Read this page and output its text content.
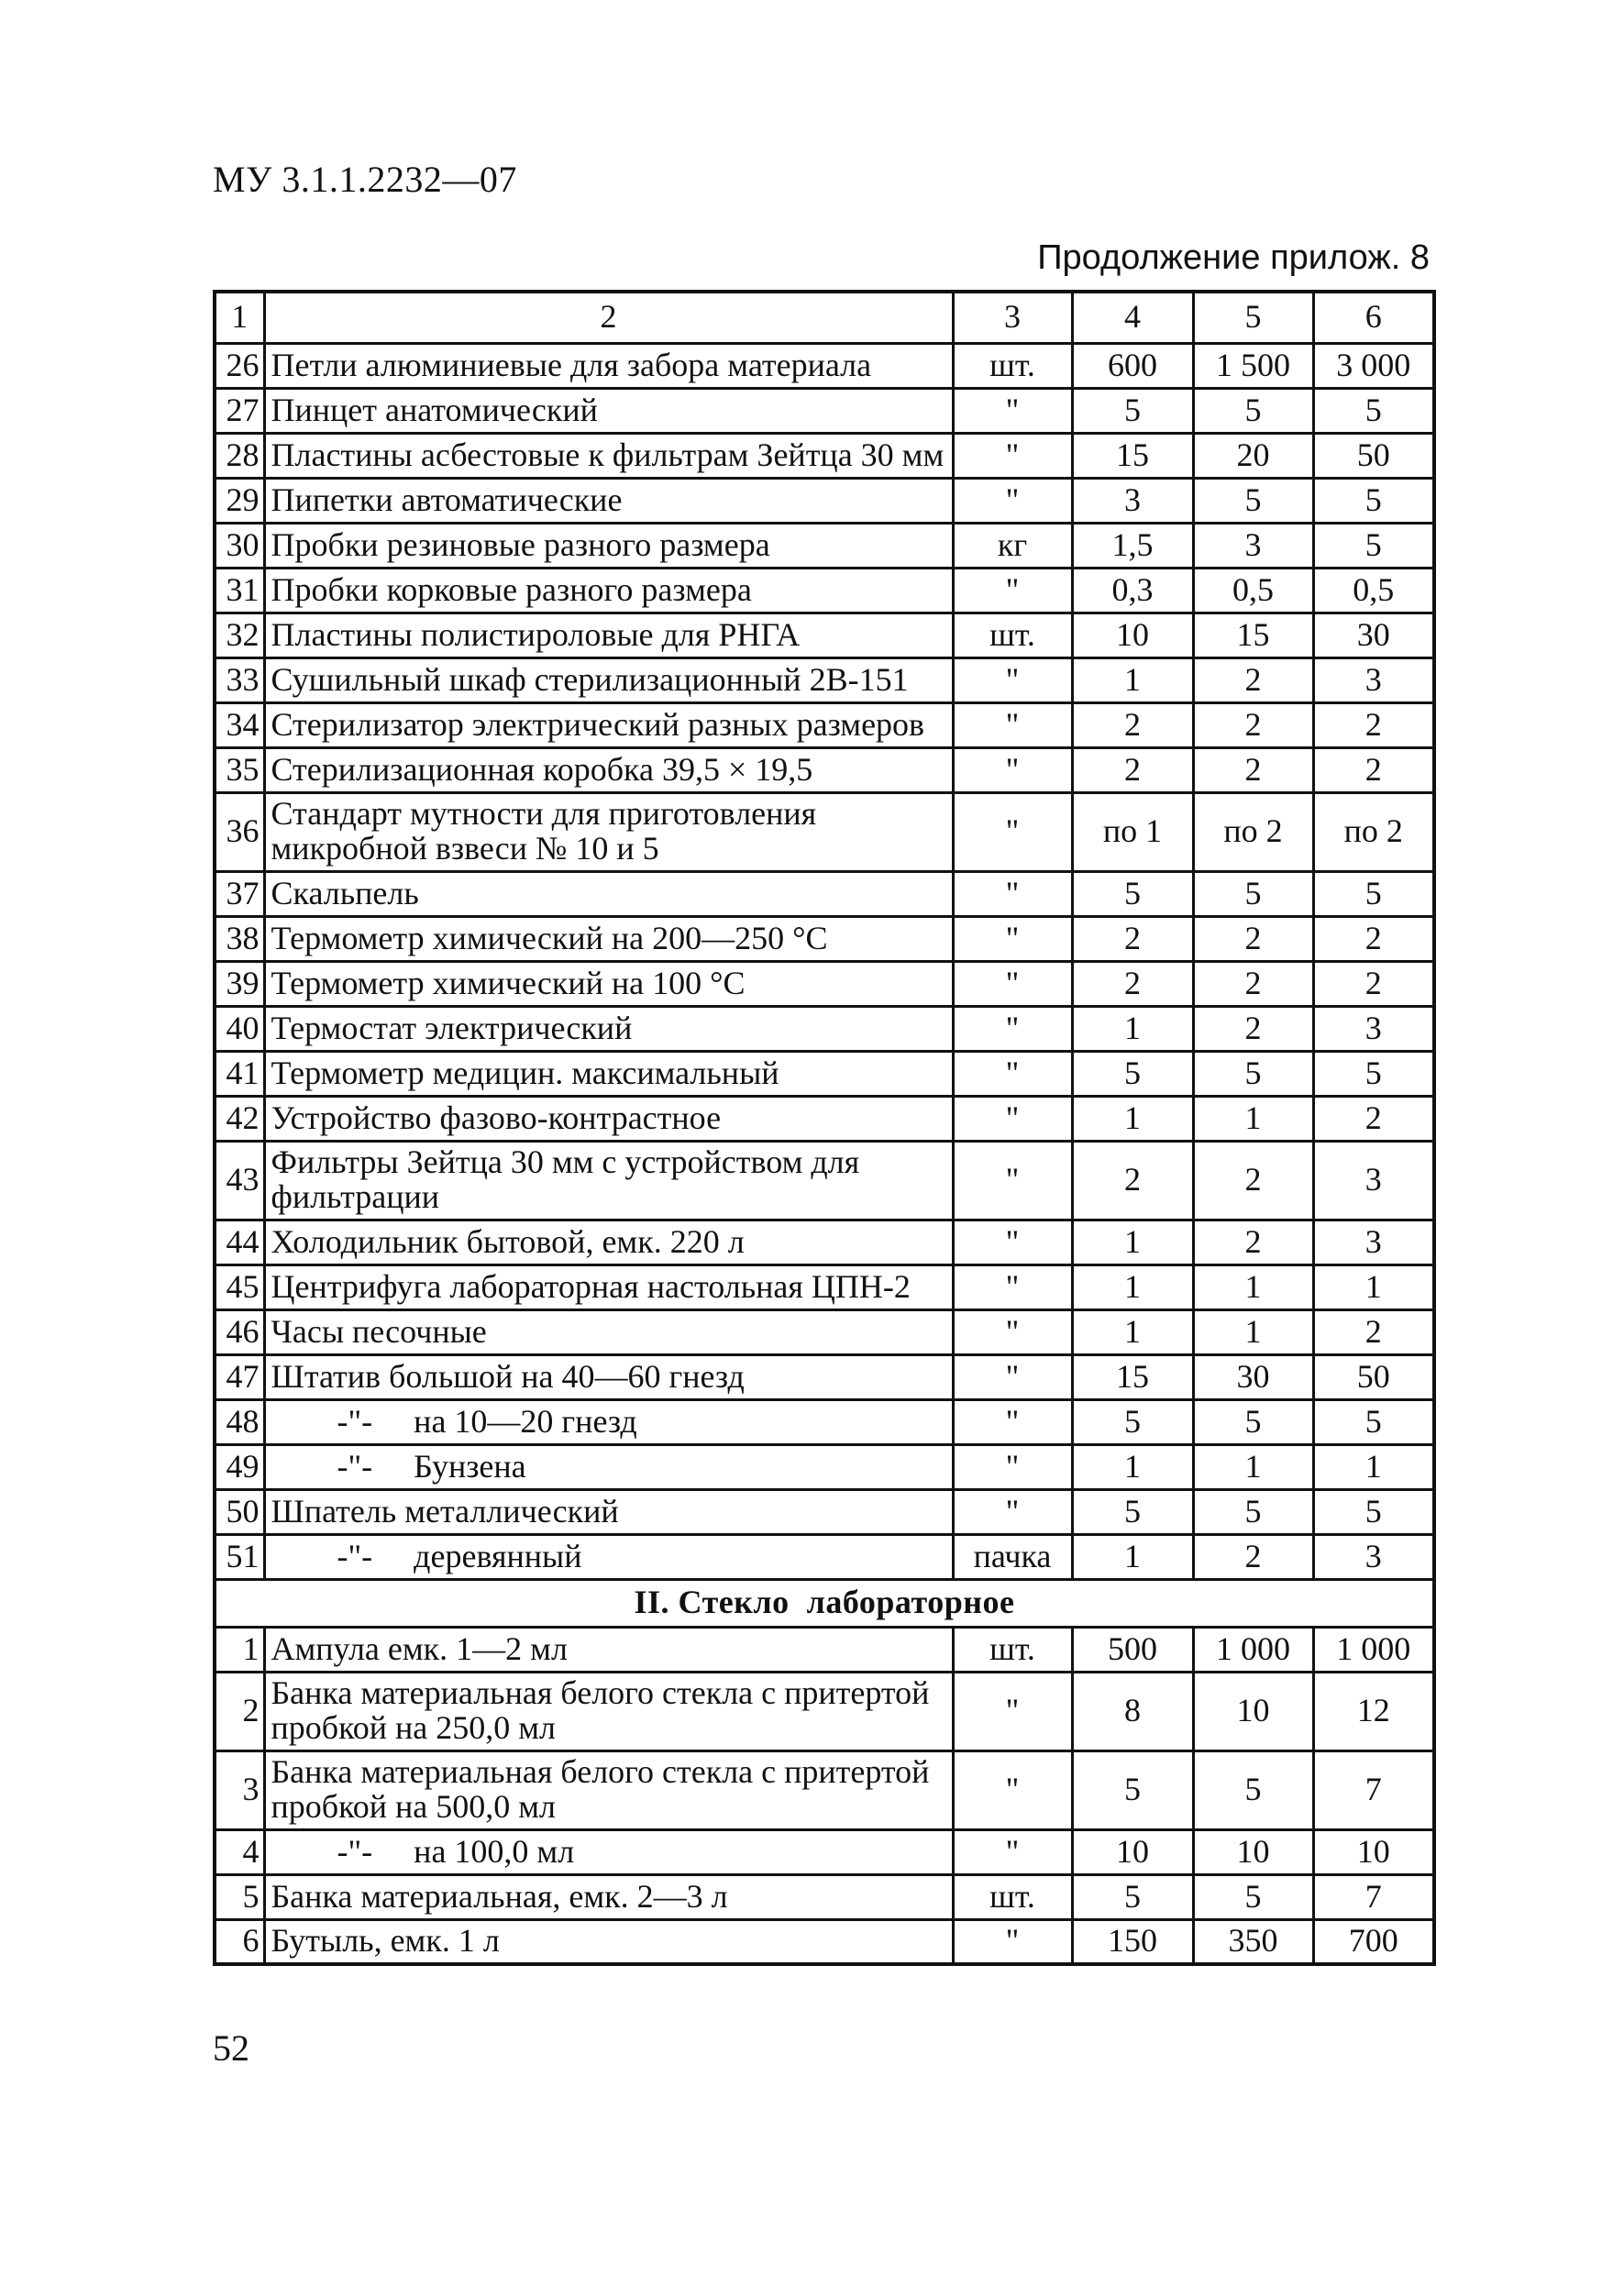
МУ 3.1.1.2232—07
Продолжение прилож. 8
1	2	3	4	5	6
26	Петли алюминиевые для забора материала	шт.	600	1 500	3 000
27	Пинцет анатомический	"	5	5	5
28	Пластины асбестовые к фильтрам Зейтца 30 мм	"	15	20	50
29	Пипетки автоматические	"	3	5	5
30	Пробки резиновые разного размера	кг	1,5	3	5
31	Пробки корковые разного размера	"	0,3	0,5	0,5
32	Пластины полистироловые для РНГА	шт.	10	15	30
33	Сушильный шкаф стерилизационный 2В-151	"	1	2	3
34	Стерилизатор электрический разных размеров	"	2	2	2
35	Стерилизационная коробка 39,5 × 19,5	"	2	2	2
36	Стандарт мутности для приготовления микробной взвеси № 10 и 5	"	по 1	по 2	по 2
37	Скальпель	"	5	5	5
38	Термометр химический на 200—250 °С	"	2	2	2
39	Термометр химический на 100 °С	"	2	2	2
40	Термостат электрический	"	1	2	3
41	Термометр медицин. максимальный	"	5	5	5
42	Устройство фазово-контрастное	"	1	1	2
43	Фильтры Зейтца 30 мм с устройством для фильтрации	"	2	2	3
44	Холодильник бытовой, емк. 220 л	"	1	2	3
45	Центрифуга лабораторная настольная ЦПН-2	"	1	1	1
46	Часы песочные	"	1	1	2
47	Штатив большой на 40—60 гнезд	"	15	30	50
48	-"-     на 10—20 гнезд	"	5	5	5
49	-"-     Бунзена	"	1	1	1
50	Шпатель металлический	"	5	5	5
51	-"-     деревянный	пачка	1	2	3
II. Стекло  лабораторное					
1	Ампула емк. 1—2 мл	шт.	500	1 000	1 000
2	Банка материальная белого стекла с притертой пробкой на 250,0 мл	"	8	10	12
3	Банка материальная белого стекла с притертой пробкой на 500,0 мл	"	5	5	7
4	-"-     на 100,0 мл	"	10	10	10
5	Банка материальная, емк. 2—3 л	шт.	5	5	7
6	Бутыль, емк. 1 л	"	150	350	700
52
